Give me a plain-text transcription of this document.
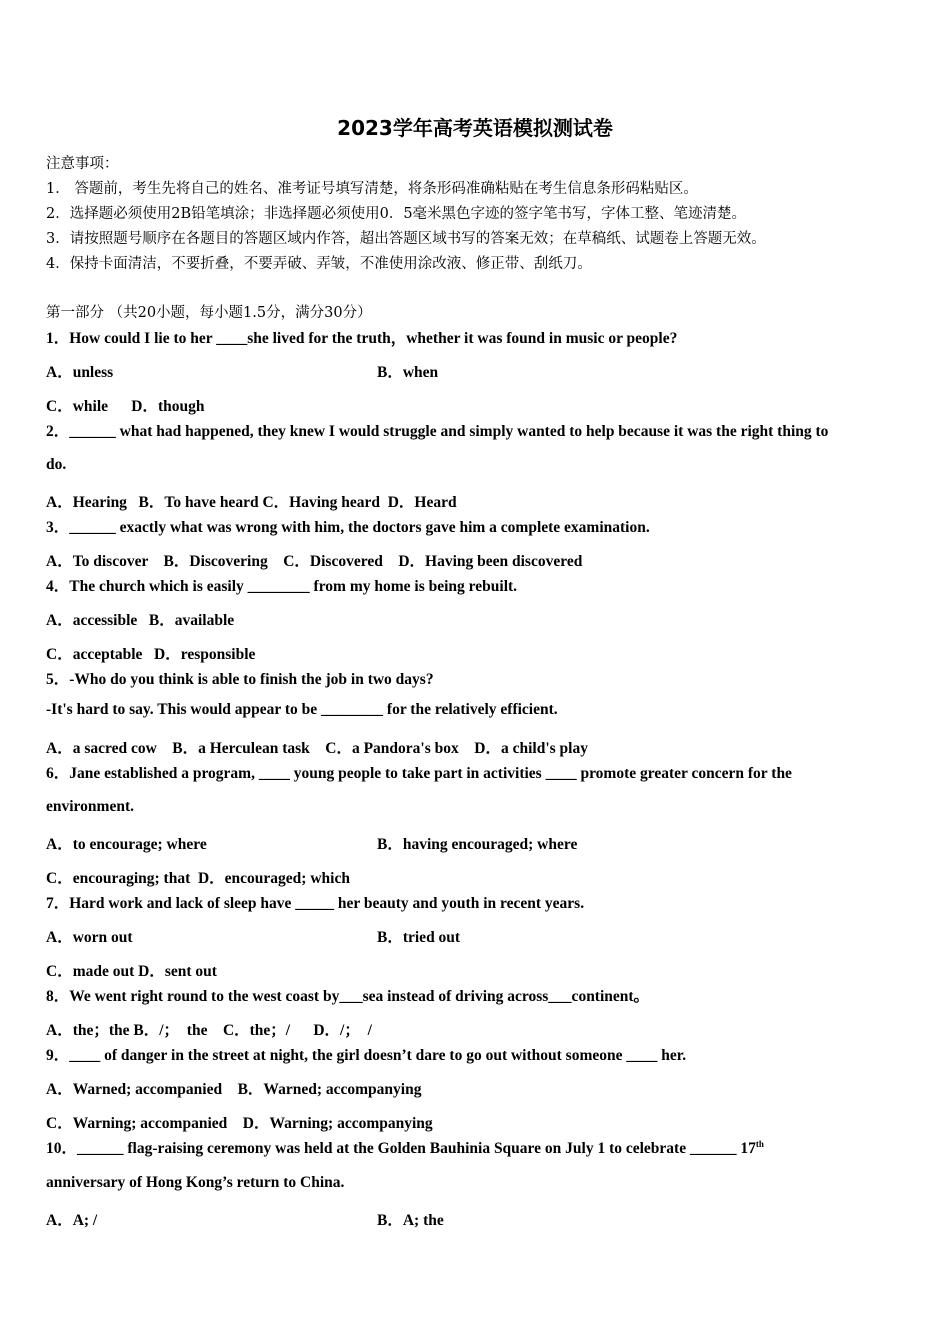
2023学年高考英语模拟测试卷
注意事项：
1． 答题前，考生先将自己的姓名、准考证号填写清楚，将条形码准确粘贴在考生信息条形码粘贴区。
2．选择题必须使用2B铅笔填涂；非选择题必须使用0．5毫米黑色字迹的签字笔书写，字体工整、笔迹清楚。
3．请按照题号顺序在各题目的答题区域内作答，超出答题区域书写的答案无效；在草稿纸、试题卷上答题无效。
4．保持卡面清洁，不要折叠，不要弄破、弄皱，不准使用涂改液、修正带、刮纸刀。
第一部分 （共20小题，每小题1.5分，满分30分）
1．How could I lie to her ____she lived for the truth，whether it was found in music or people?
A．unless	B．when
C．while      D．though
2．______ what had happened, they knew I would struggle and simply wanted to help because it was the right thing to
do.
A．Hearing   B．To have heard C．Having heard  D．Heard
3．______ exactly what was wrong with him, the doctors gave him a complete examination.
A．To discover    B．Discovering    C．Discovered    D．Having been discovered
4．The church which is easily ________ from my home is being rebuilt.
A．accessible   B．available
C．acceptable   D．responsible
5．-Who do you think is able to finish the job in two days?
-It's hard to say. This would appear to be ________ for the relatively efficient.
A．a sacred cow    B．a Herculean task    C．a Pandora's box    D．a child's play
6．Jane established a program, ____ young people to take part in activities ____ promote greater concern for the
environment.
A．to encourage; where	B．having encouraged; where
C．encouraging; that  D．encouraged; which
7．Hard work and lack of sleep have _____ her beauty and youth in recent years.
A．worn out	B．tried out
C．made out D．sent out
8．We went right round to the west coast by___sea instead of driving across___continent。
A．the；the B．/；  the    C．the；/      D．/；  /
9．____ of danger in the street at night, the girl doesn’t dare to go out without someone ____ her.
A．Warned; accompanied    B．Warned; accompanying
C．Warning; accompanied    D．Warning; accompanying
10．______ flag-raising ceremony was held at the Golden Bauhinia Square on July 1 to celebrate ______ 17th
anniversary of Hong Kong’s return to China.
A．A; /	B．A; the
